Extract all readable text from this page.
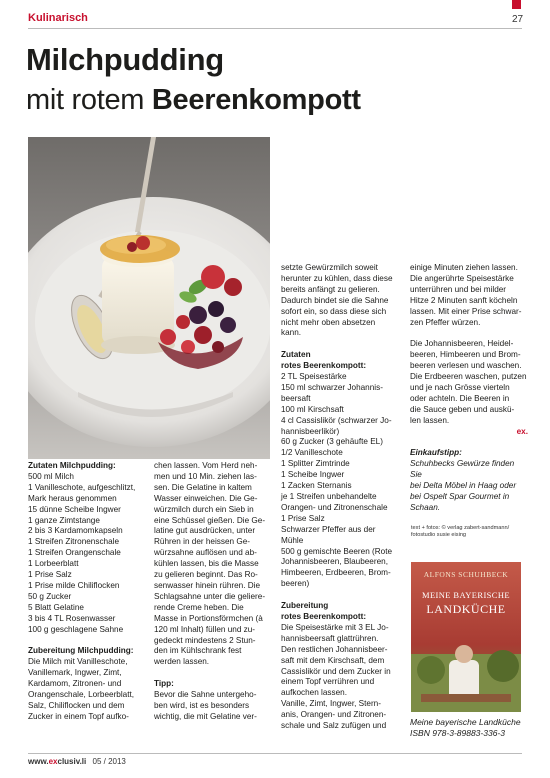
Kulinarisch	27
Milchpudding
mit rotem Beerenkompott

Zutaten Milchpudding:

500 ml Milch

1 Vanilleschote, aufgeschlitzt,

Mark heraus genommen

15 dünne Scheibe Ingwer

1 ganze Zimtstange

2 bis 3 Kardamomkapseln

1 Streifen Zitronenschale

1 Streifen Orangenschale

1 Lorbeerblatt

1 Prise Salz

1 Prise milde Chiliflocken

50 g Zucker

5 Blatt Gelatine

3 bis 4 TL Rosenwasser

100 g geschlagene Sahne

Zubereitung Milchpudding:

Die Milch mit Vanilleschote,

Vanillemark, Ingwer, Zimt,

Kardamom, Zitronen- und

Orangenschale, Lorbeerblatt,

Salz, Chiliflocken und dem

Zucker in einem Topf aufko-

chen lassen. Vom Herd neh-

men und 10 Min. ziehen las-

sen. Die Gelatine in kaltem

Wasser einweichen. Die Ge-

würzmilch durch ein Sieb in

eine Schüssel gießen. Die Ge-

latine gut ausdrücken, unter

Rühren in der heissen Ge-

würzsahne auflösen und ab-

kühlen lassen, bis die Masse

zu gelieren beginnt. Das Ro-

senwasser hinein rühren. Die

Schlagsahne unter die geliere-

rende Creme heben. Die

Masse in Portionsförmchen (à

120 ml Inhalt) füllen und zu-

gedeckt mindestens 2 Stun-

den im Kühlschrank fest

werden lassen.

Tipp:

Bevor die Sahne untergeho-

ben wird, ist es besonders

wichtig, die mit Gelatine ver-

setzte Gewürzmilch soweit

herunter zu kühlen, dass diese

bereits anfängt zu gelieren.

Dadurch bindet sie die Sahne

sofort ein, so dass diese sich

nicht mehr oben absetzen

kann.

Zutaten

rotes Beerenkompott:

2 TL Speisestärke

150 ml schwarzer Johannis-

beersaft

100 ml Kirschsaft

4 cl Cassislikör (schwarzer Jo-

hannisbeerlikör)

60 g Zucker (3 gehäufte EL)

1/2 Vanilleschote

1 Splitter Zimtrinde

1 Scheibe Ingwer

1 Zacken Sternanis

je 1 Streifen unbehandelte

Orangen- und Zitronenschale

1 Prise Salz

Schwarzer Pfeffer aus der

Mühle

500 g gemischte Beeren (Rote

Johannisbeeren, Blaubeeren,

Himbeeren, Erdbeeren, Brom-

beeren)

Zubereitung

rotes Beerenkompott:

Die Speisestärke mit 3 EL Jo-

hannisbeersaft glattrühren.

Den restlichen Johannisbeer-

saft mit dem Kirschsaft, dem

Cassislikör und dem Zucker in

einem Topf verrühren und

aufkochen lassen.

Vanille, Zimt, Ingwer, Stern-

anis, Orangen- und Zitronen-

schale und Salz zufügen und

einige Minuten ziehen lassen.

Die angerührte Speisestärke

unterrühren und bei milder

Hitze 2 Minuten sanft köcheln

lassen. Mit einer Prise schwar-

zen Pfeffer würzen.

Die Johannisbeeren, Heidel-

beeren, Himbeeren und Brom-

beeren verlesen und waschen.

Die Erdbeeren waschen, putzen

und je nach Grösse vierteln

oder achteln. Die Beeren in

die Sauce geben und auskü-

len lassen.

ex.

Einkaufstipp:

Schuhbecks Gewürze finden Sie

bei Delta Möbel in Haag oder

bei Ospelt Spar Gourmet in

Schaan.

text + fotos: © verlag zabert-sandmann/
fotostudio susie eising
ALFONS SCHUHBECK
MEINE BAYERISCHE
LANDKÜCHE
Meine bayerische Landküche
ISBN 978-3-89883-336-3
www.exclusiv.li 05 / 2013
